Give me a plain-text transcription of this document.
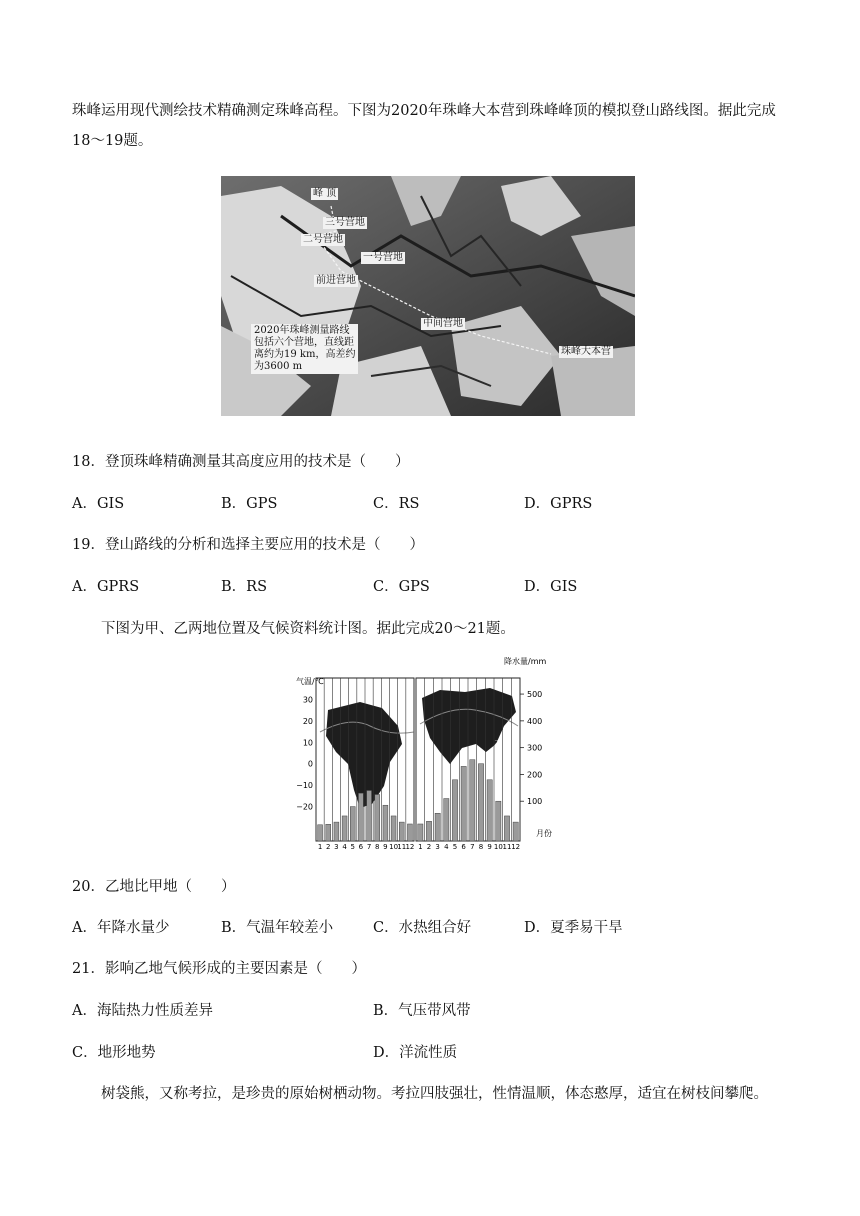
珠峰运用现代测绘技术精确测定珠峰高程。下图为2020年珠峰大本营到珠峰峰顶的模拟登山路线图。据此完成18～19题。
峰 顶
三号营地
二号营地
一号营地
前进营地
中间营地
珠峰大本营
2020年珠峰测量路线
包括六个营地，直线距
离约为19 km，高差约
为3600 m
18．登顶珠峰精确测量其高度应用的技术是（　　）
A．GIS	B．GPS	C．RS	D．GPRS
19．登山路线的分析和选择主要应用的技术是（　　）
A．GPRS	B．RS	C．GPS	D．GIS
下图为甲、乙两地位置及气候资料统计图。据此完成20～21题。
30
20
10
0
−10
−20
500
400
300
200
100
1 2 3 4 5 6 7 8 9 10 11 12 1 2 3 4 5 6 7 8 9 10 11 12
气温/℃
降水量/mm
月份
甲
乙
20．乙地比甲地（　　）
A．年降水量少	B．气温年较差小	C．水热组合好	D．夏季易干旱
21．影响乙地气候形成的主要因素是（　　）
A．海陆热力性质差异	B．气压带风带
C．地形地势	D．洋流性质
树袋熊，又称考拉，是珍贵的原始树栖动物。考拉四肢强壮，性情温顺，体态憨厚，适宜在树枝间攀爬。
